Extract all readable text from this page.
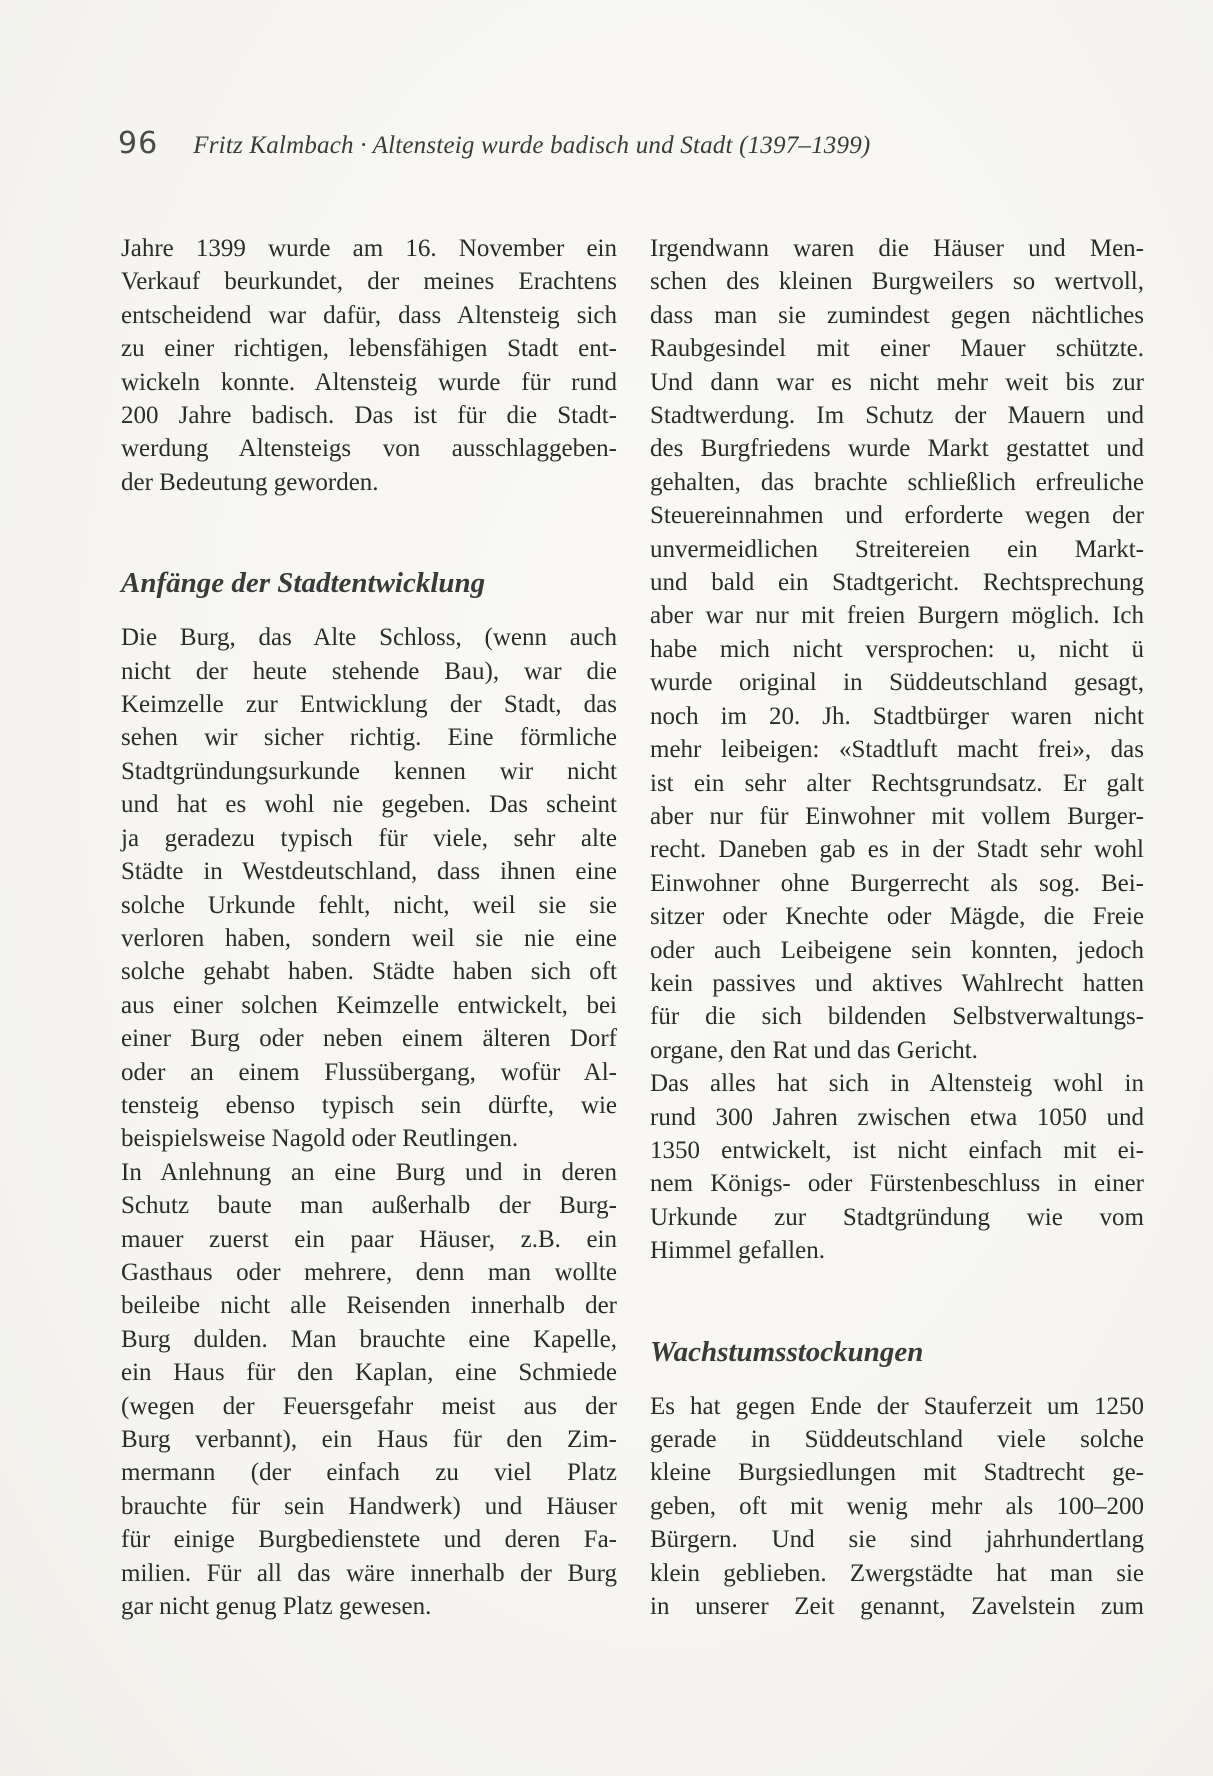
96 Fritz Kalmbach · Altensteig wurde badisch und Stadt (1397–1399)
Jahre 1399 wurde am 16. November ein
Verkauf beurkundet, der meines Erachtens
entscheidend war dafür, dass Altensteig sich
zu einer richtigen, lebensfähigen Stadt ent-
wickeln konnte. Altensteig wurde für rund
200 Jahre badisch. Das ist für die Stadt-
werdung Altensteigs von ausschlaggeben-
der Bedeutung geworden.
Anfänge der Stadtentwicklung
Die Burg, das Alte Schloss, (wenn auch
nicht der heute stehende Bau), war die
Keimzelle zur Entwicklung der Stadt, das
sehen wir sicher richtig. Eine förmliche
Stadtgründungsurkunde kennen wir nicht
und hat es wohl nie gegeben. Das scheint
ja geradezu typisch für viele, sehr alte
Städte in Westdeutschland, dass ihnen eine
solche Urkunde fehlt, nicht, weil sie sie
verloren haben, sondern weil sie nie eine
solche gehabt haben. Städte haben sich oft
aus einer solchen Keimzelle entwickelt, bei
einer Burg oder neben einem älteren Dorf
oder an einem Flussübergang, wofür Al-
tensteig ebenso typisch sein dürfte, wie
beispielsweise Nagold oder Reutlingen.
In Anlehnung an eine Burg und in deren
Schutz baute man außerhalb der Burg-
mauer zuerst ein paar Häuser, z.B. ein
Gasthaus oder mehrere, denn man wollte
beileibe nicht alle Reisenden innerhalb der
Burg dulden. Man brauchte eine Kapelle,
ein Haus für den Kaplan, eine Schmiede
(wegen der Feuersgefahr meist aus der
Burg verbannt), ein Haus für den Zim-
mermann (der einfach zu viel Platz
brauchte für sein Handwerk) und Häuser
für einige Burgbedienstete und deren Fa-
milien. Für all das wäre innerhalb der Burg
gar nicht genug Platz gewesen.
Irgendwann waren die Häuser und Men-
schen des kleinen Burgweilers so wertvoll,
dass man sie zumindest gegen nächtliches
Raubgesindel mit einer Mauer schützte.
Und dann war es nicht mehr weit bis zur
Stadtwerdung. Im Schutz der Mauern und
des Burgfriedens wurde Markt gestattet und
gehalten, das brachte schließlich erfreuliche
Steuereinnahmen und erforderte wegen der
unvermeidlichen Streitereien ein Markt-
und bald ein Stadtgericht. Rechtsprechung
aber war nur mit freien Burgern möglich. Ich
habe mich nicht versprochen: u, nicht ü
wurde original in Süddeutschland gesagt,
noch im 20. Jh. Stadtbürger waren nicht
mehr leibeigen: «Stadtluft macht frei», das
ist ein sehr alter Rechtsgrundsatz. Er galt
aber nur für Einwohner mit vollem Burger-
recht. Daneben gab es in der Stadt sehr wohl
Einwohner ohne Burgerrecht als sog. Bei-
sitzer oder Knechte oder Mägde, die Freie
oder auch Leibeigene sein konnten, jedoch
kein passives und aktives Wahlrecht hatten
für die sich bildenden Selbstverwaltungs-
organe, den Rat und das Gericht.
Das alles hat sich in Altensteig wohl in
rund 300 Jahren zwischen etwa 1050 und
1350 entwickelt, ist nicht einfach mit ei-
nem Königs- oder Fürstenbeschluss in einer
Urkunde zur Stadtgründung wie vom
Himmel gefallen.
Wachstumsstockungen
Es hat gegen Ende der Stauferzeit um 1250
gerade in Süddeutschland viele solche
kleine Burgsiedlungen mit Stadtrecht ge-
geben, oft mit wenig mehr als 100–200
Bürgern. Und sie sind jahrhundertlang
klein geblieben. Zwergstädte hat man sie
in unserer Zeit genannt, Zavelstein zum
